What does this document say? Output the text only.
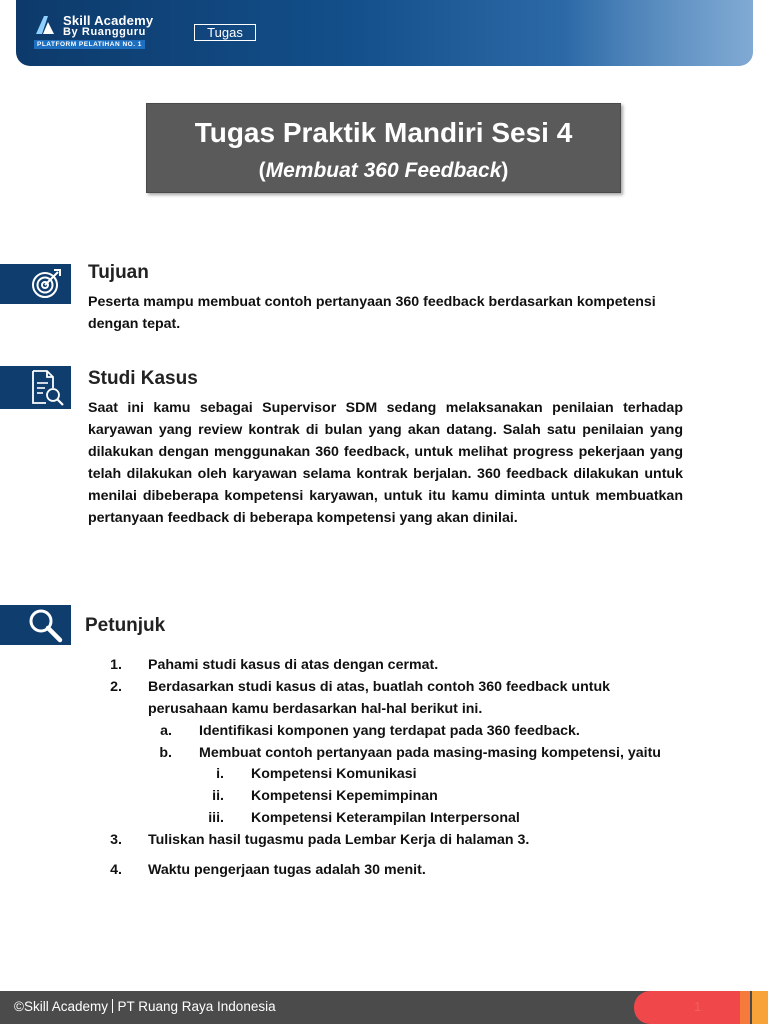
Skill Academy
By Ruangguru
PLATFORM PELATIHAN NO. 1
Tugas
Tugas Praktik Mandiri Sesi 4
(Membuat 360 Feedback)
Tujuan
Peserta mampu membuat contoh pertanyaan 360 feedback berdasarkan kompetensi
dengan tepat.
Studi Kasus
Saat ini kamu sebagai Supervisor SDM sedang melaksanakan penilaian terhadap karyawan yang review kontrak di bulan yang akan datang. Salah satu penilaian yang dilakukan dengan menggunakan 360 feedback, untuk melihat progress pekerjaan yang telah dilakukan oleh karyawan selama kontrak berjalan. 360 feedback dilakukan untuk menilai dibeberapa kompetensi karyawan, untuk itu kamu diminta untuk membuatkan pertanyaan feedback di beberapa kompetensi yang akan dinilai.
Petunjuk
1. Pahami studi kasus di atas dengan cermat.
2. Berdasarkan studi kasus di atas, buatlah contoh 360 feedback untuk
perusahaan kamu berdasarkan hal-hal berikut ini.
a. Identifikasi komponen yang terdapat pada 360 feedback.
b. Membuat contoh pertanyaan pada masing-masing kompetensi, yaitu
i. Kompetensi Komunikasi
ii. Kompetensi Kepemimpinan
iii. Kompetensi Keterampilan Interpersonal
3. Tuliskan hasil tugasmu pada Lembar Kerja di halaman 3.
4. Waktu pengerjaan tugas adalah 30 menit.
©Skill Academy PT Ruang Raya Indonesia	1
